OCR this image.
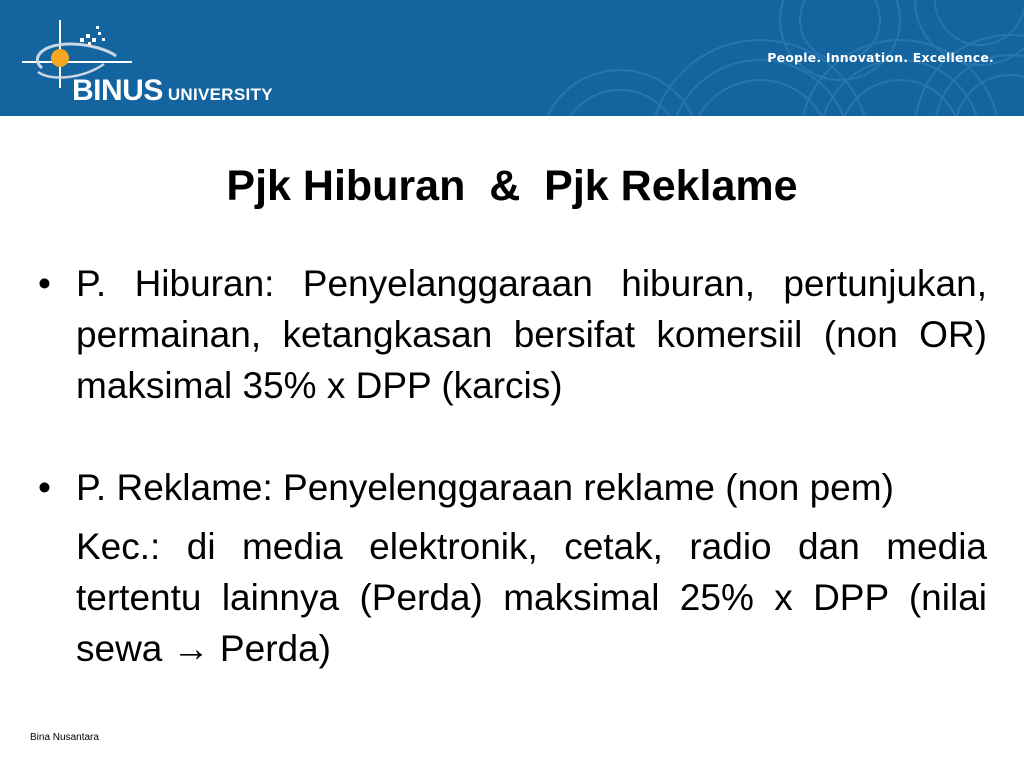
BINUS UNIVERSITY
People. Innovation. Excellence.
Pjk Hiburan  &  Pjk Reklame
• P. Hiburan: Penyelanggaraan hiburan, pertunjukan, permainan, ketangkasan bersifat komersiil (non OR) maksimal 35% x DPP (karcis)
• P. Reklame: Penyelenggaraan reklame (non pem)
Kec.: di media elektronik, cetak, radio dan media tertentu lainnya (Perda) maksimal 25% x DPP (nilai sewa → Perda)
Bina Nusantara
